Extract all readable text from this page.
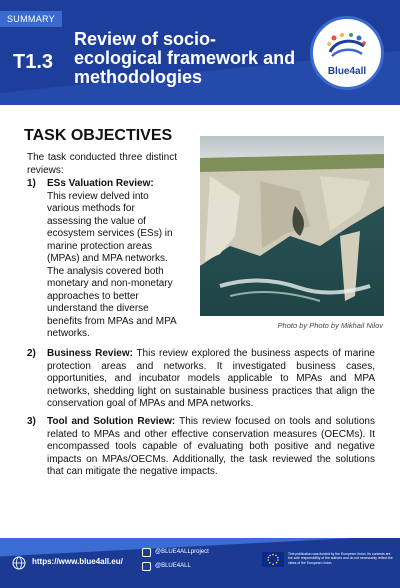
SUMMARY
T1.3
Review of socio-ecological framework and methodologies	Blue4all
TASK OBJECTIVES
The task conducted three distinct reviews:
1) ESs Valuation Review:
This review delved into various methods for assessing the value of ecosystem services (ESs) in marine protection areas (MPAs) and MPA networks. The analysis covered both monetary and non-monetary approaches to better understand the diverse benefits from MPAs and MPA networks.
Photo by Photo by Mikhail Nilov
2) Business Review: This review explored the business aspects of marine protection areas and networks. It investigated business cases, opportunities, and incubator models applicable to MPAs and MPA networks, shedding light on sustainable business practices that align the conservation goal of MPAs and MPA networks.
3) Tool and Solution Review: This review focused on tools and solutions related to MPAs and other effective conservation measures (OECMs). It encompassed tools capable of evaluating both positive and negative impacts on MPAs/OECMs. Additionally, the task reviewed the solutions that can mitigate the negative impacts.
https://www.blue4all.eu/
@BLUE4ALLproject
@BLUE4ALL
This publication was funded by the European Union. Its contents are the sole responsibility of the authors and do not necessarily reflect the views of the European Union.
